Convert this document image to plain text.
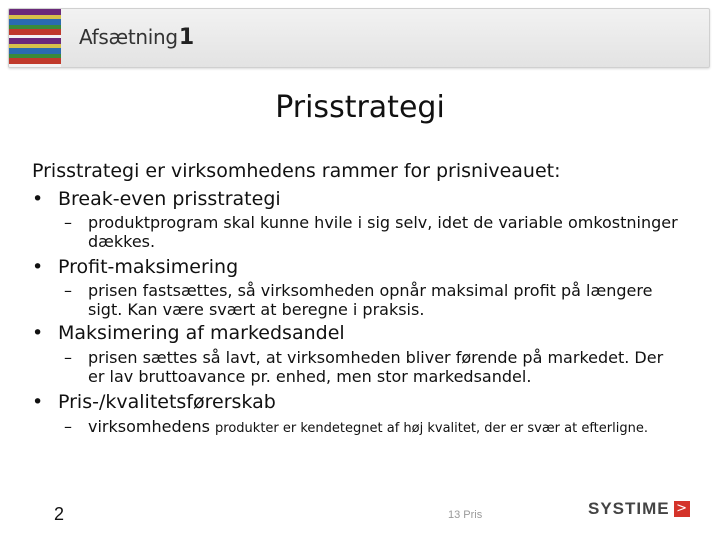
Afsætning1
Prisstrategi
Prisstrategi er virksomhedens rammer for prisniveauet:
• Break-even prisstrategi
–	produktprogram skal kunne hvile i sig selv, idet de variable omkostninger dækkes.
• Profit-maksimering
–	prisen fastsættes, så virksomheden opnår maksimal profit på længere sigt. Kan være svært at beregne i praksis.
• Maksimering af markedsandel
–	prisen sættes så lavt, at virksomheden bliver førende på markedet. Der er lav bruttoavance pr. enhed, men stor markedsandel.
• Pris-/kvalitetsførerskab
–	virksomhedens produkter er kendetegnet af høj kvalitet, der er svær at efterligne.
2	13 Pris	SYSTIME >
